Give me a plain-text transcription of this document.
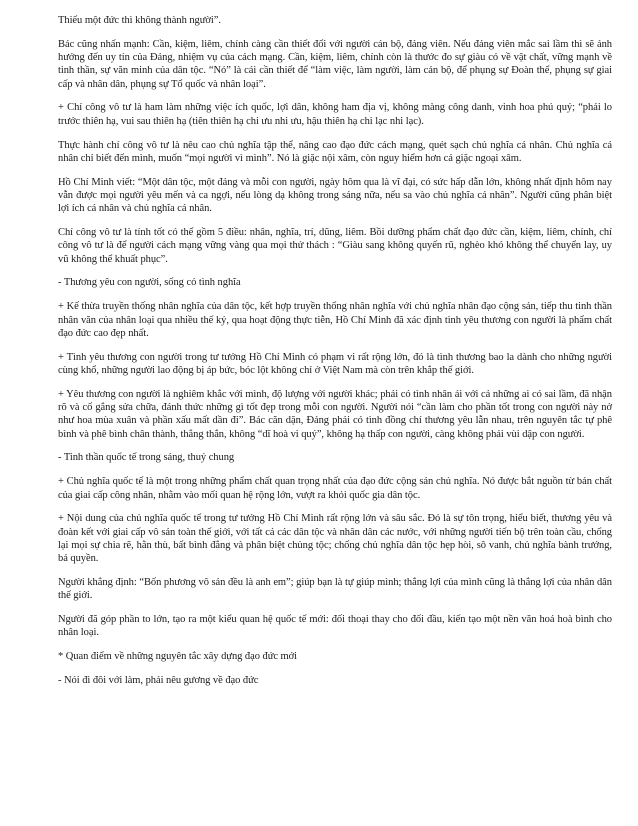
Thiếu một đức thì không thành người”.

Bác cũng nhấn mạnh: Cần, kiệm, liêm, chính càng cần thiết đối với người cán bộ, đảng viên. Nếu đảng viên mắc sai lầm thì sẽ ảnh hưởng đến uy tín của Đảng, nhiệm vụ của cách mạng. Cần, kiệm, liêm, chính còn là thước đo sự giàu có về vật chất, vững mạnh về tinh thần, sự văn minh của dân tộc. “Nó” là cái cần thiết để “làm việc, làm người, làm cán bộ, để phụng sự Đoàn thể, phụng sự giai cấp và nhân dân, phụng sự Tổ quốc và nhân loại”.

+ Chí công vô tư là ham làm những việc ích quốc, lợi dân, không ham địa vị, không màng công danh, vinh hoa phú quý; “phải lo trước thiên hạ, vui sau thiên hạ (tiên thiên hạ chi ưu nhi ưu, hậu thiên hạ chi lạc nhi lạc).

Thực hành chí công vô tư là nêu cao chủ nghĩa tập thể, nâng cao đạo đức cách mạng, quét sạch chủ nghĩa cá nhân. Chủ nghĩa cá nhân chỉ biết đến mình, muốn “mọi người vì mình”. Nó là giặc nội xâm, còn nguy hiểm hơn cả giặc ngoại xâm.

Hồ Chí Minh viết: “Một dân tộc, một đảng và mỗi con người, ngày hôm qua là vĩ đại, có sức hấp dẫn lớn, không nhất định hôm nay vẫn được mọi người yêu mến và ca ngợi, nếu lòng dạ không trong sáng nữa, nếu sa vào chủ nghĩa cá nhân”. Người cũng phân biệt lợi ích cá nhân và chủ nghĩa cá nhân.

Chí công vô tư là tính tốt có thể gồm 5 điều: nhân, nghĩa, trí, dũng, liêm. Bồi dưỡng phẩm chất đạo đức cần, kiệm, liêm, chính, chí công vô tư là để người cách mạng vững vàng qua mọi thử thách : “Giàu sang không quyến rũ, nghèo khó không thể chuyển lay, uy vũ không thể khuất phục”.

- Thương yêu con người, sống có tình nghĩa

+ Kế thừa truyền thống nhân nghĩa của dân tộc, kết hợp truyền thống nhân nghĩa với chủ nghĩa nhân đạo cộng sản, tiếp thu tinh thần nhân văn của nhân loại qua nhiều thế kỷ, qua hoạt động thực tiễn, Hồ Chí Minh đã xác định tình yêu thương con người là phẩm chất đạo đức cao đẹp nhất.

+ Tình yêu thương con người trong tư tưởng Hồ Chí Minh có phạm vi rất rộng lớn, đó là tình thương bao la dành cho những người cùng khổ, những người lao động bị áp bức, bóc lột không chỉ ở Việt Nam mà còn trên khắp thế giới.

+ Yêu thương con người là nghiêm khắc với mình, độ lượng với người khác; phải có tình nhân ái với cả những ai có sai lầm, đã nhận rõ và cố gắng sửa chữa, đánh thức những gì tốt đẹp trong mỗi con người. Người nói “cần làm cho phần tốt trong con người này nở như hoa mùa xuân và phần xấu mất dần đi”. Bác căn dặn, Đảng phải có tình đồng chí thương yêu lẫn nhau, trên nguyên tắc tự phê bình và phê bình chân thành, thẳng thắn, không “dĩ hoà vi quý”, không hạ thấp con người, càng không phải vùi dập con người.

- Tinh thần quốc tế trong sáng, thuỷ chung

+ Chủ nghĩa quốc tế là một trong những phẩm chất quan trọng nhất của đạo đức cộng sản chủ nghĩa. Nó được bắt nguồn từ bản chất của giai cấp công nhân, nhằm vào mối quan hệ rộng lớn, vượt ra khỏi quốc gia dân tộc.

+ Nội dung của chủ nghĩa quốc tế trong tư tưởng Hồ Chí Minh rất rộng lớn và sâu sắc. Đó là sự tôn trọng, hiểu biết, thương yêu và đoàn kết với giai cấp vô sản toàn thế giới, với tất cả các dân tộc và nhân dân các nước, với những người tiến bộ trên toàn cầu, chống lại mọi sự chia rẽ, hằn thù, bất bình đẳng và phân biệt chủng tộc; chống chủ nghĩa dân tộc hẹp hòi, sô vanh, chủ nghĩa bành trướng, bá quyền.

Người khẳng định: “Bốn phương vô sản đều là anh em”; giúp bạn là tự giúp mình; thắng lợi của mình cũng là thắng lợi của nhân dân thế giới.

Người đã góp phần to lớn, tạo ra một kiểu quan hệ quốc tế mới: đối thoại thay cho đối đầu, kiến tạo một nền văn hoá hoà bình cho nhân loại.

* Quan điểm về những nguyên tắc xây dựng đạo đức mới

- Nói đi đôi với làm, phải nêu gương về đạo đức
